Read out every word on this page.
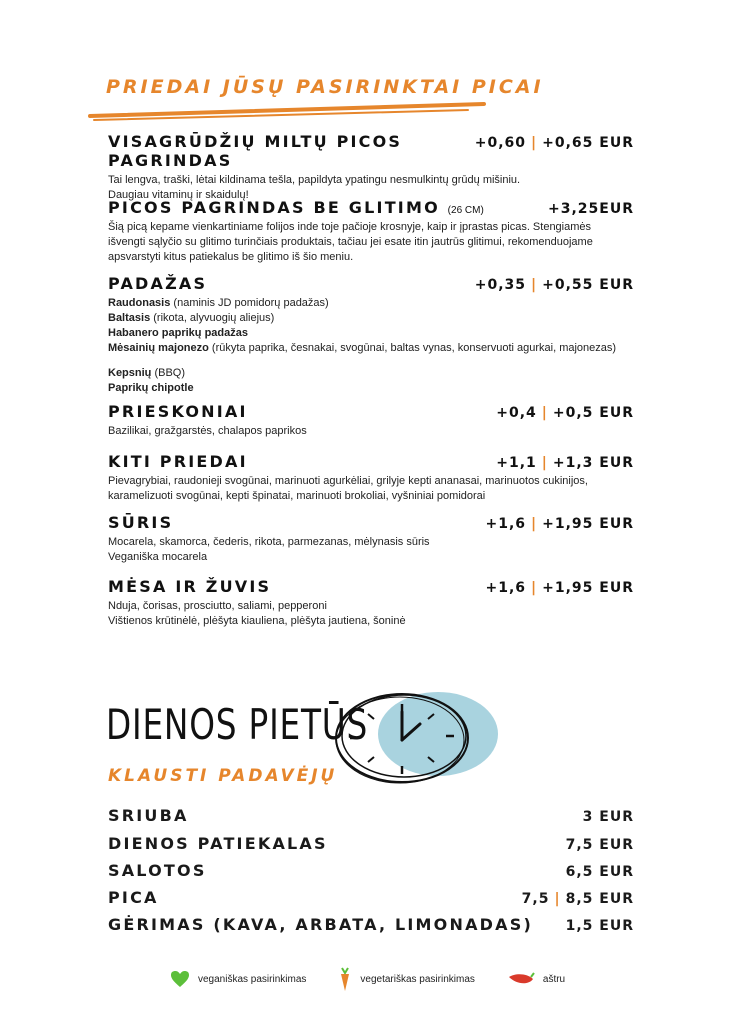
PRIEDAI JŪSŲ PASIRINKTAI PICAI
VISAGRŪDŽIŲ MILTŲ PICOS PAGRINDAS
+0,60 | +0,65 EUR
Tai lengva, traški, lėtai kildinama tešla, papildyta ypatingu nesmulkintų grūdų mišiniu.
Daugiau vitaminų ir skaidulų!
PICOS PAGRINDAS BE GLITIMO (26 CM)	+3,25EUR
Šią picą kepame vienkartiniame folijos inde toje pačioje krosnyje, kaip ir įprastas picas. Stengiamės
išvengti sąlyčio su glitimo turinčiais produktais, tačiau jei esate itin jautrūs glitimui, rekomenduojame
apsvarstyti kitus patiekalus be glitimo iš šio meniu.
PADAŽAS	+0,35 | +0,55 EUR
Raudonasis (naminis JD pomidorų padažas)
Baltasis (rikota, alyvuogių aliejus)
Habanero paprikų padažas
Mėsainių majonezo (rūkyta paprika, česnakai, svogūnai, baltas vynas, konservuoti agurkai, majonezas)
Kepsnių (BBQ)
Paprikų chipotle
PRIESKONIAI	+0,4 | +0,5 EUR
Bazilikai, gražgarstės, chalapos paprikos
KITI PRIEDAI	+1,1 | +1,3 EUR
Pievagrybiai, raudonieji svogūnai, marinuoti agurkėliai, grilyje kepti ananasai, marinuotos cukinijos,
karamelizuoti svogūnai, kepti špinatai, marinuoti brokoliai, vyšniniai pomidorai
SŪRIS	+1,6 | +1,95 EUR
Mocarela, skamorca, čederis, rikota, parmezanas, mėlynasis sūris
Veganiška mocarela
MĖSA IR ŽUVIS	+1,6 | +1,95 EUR
Nduja, čorisas, prosciutto, saliami, pepperoni
Vištienos krūtinėlė, plėšyta kiauliena, plėšyta jautiena, šoninė
DIENOS PIETŪS
KLAUSTI PADAVĖJŲ
SRIUBA	3 EUR
DIENOS PATIEKALAS	7,5 EUR
SALOTOS	6,5 EUR
PICA	7,5 | 8,5 EUR
GĖRIMAS (KAVA, ARBATA, LIMONADAS) 1,5 EUR
veganiškas pasirinkimas	vegetariškas pasirinkimas	aštru
